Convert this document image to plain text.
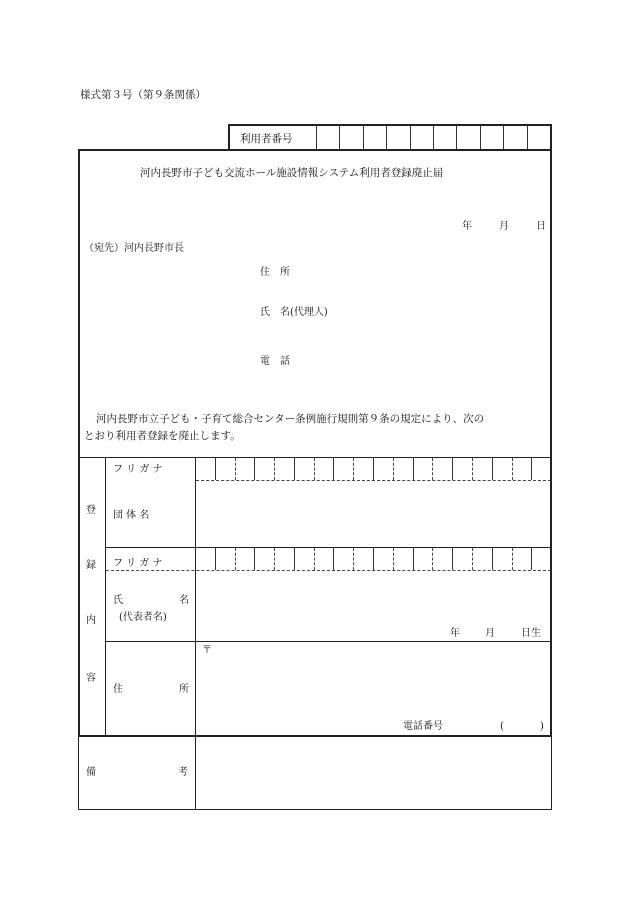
様式第３号（第９条関係）
利用者番号
河内長野市子ども交流ホール施設情報システム利用者登録廃止届
年	月	日
（宛先）河内長野市長
住　所
氏　名(代理人)
電　話
河内長野市立子ども・子育て総合センター条例施行規則第９条の規定により、次の
とおり利用者登録を廃止します。
登
録
内
容
フ リ ガ ナ
団 体 名
フ リ ガ ナ
氏　　　名
(代表者名)
年	月	日生
〒
住　　所
電話番号	(	)
備　　　考
